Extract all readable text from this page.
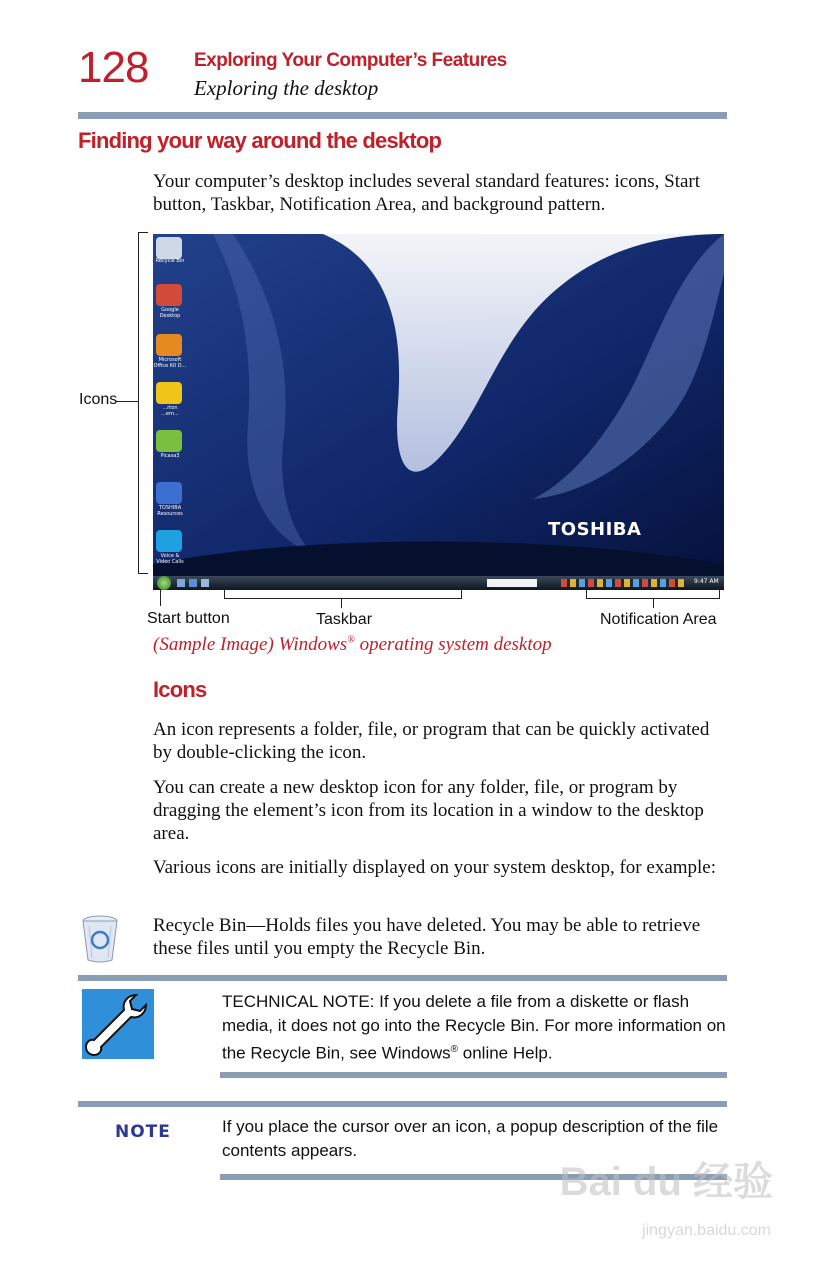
128 Exploring Your Computer’s Features
Exploring the desktop
Finding your way around the desktop
Your computer’s desktop includes several standard features: icons, Start button, Taskbar, Notification Area, and background pattern.
Icons
Recycle Bin
Google Desktop
Microsoft Office 60 D...
...rton ...ern...
Picasa3
TOSHIBA Resources
Voice & Video Calls
TOSHIBA
9:47 AM
Start button	Taskbar	Notification Area
(Sample Image) Windows® operating system desktop
Icons
An icon represents a folder, file, or program that can be quickly activated by double-clicking the icon.
You can create a new desktop icon for any folder, file, or program by dragging the element’s icon from its location in a window to the desktop area.
Various icons are initially displayed on your system desktop, for example:
Recycle Bin—Holds files you have deleted. You may be able to retrieve these files until you empty the Recycle Bin.
TECHNICAL NOTE: If you delete a file from a diskette or flash media, it does not go into the Recycle Bin. For more information on the Recycle Bin, see Windows® online Help.
NOTE	If you place the cursor over an icon, a popup description of the file contents appears.
Bai du 经验
jingyan.baidu.com
